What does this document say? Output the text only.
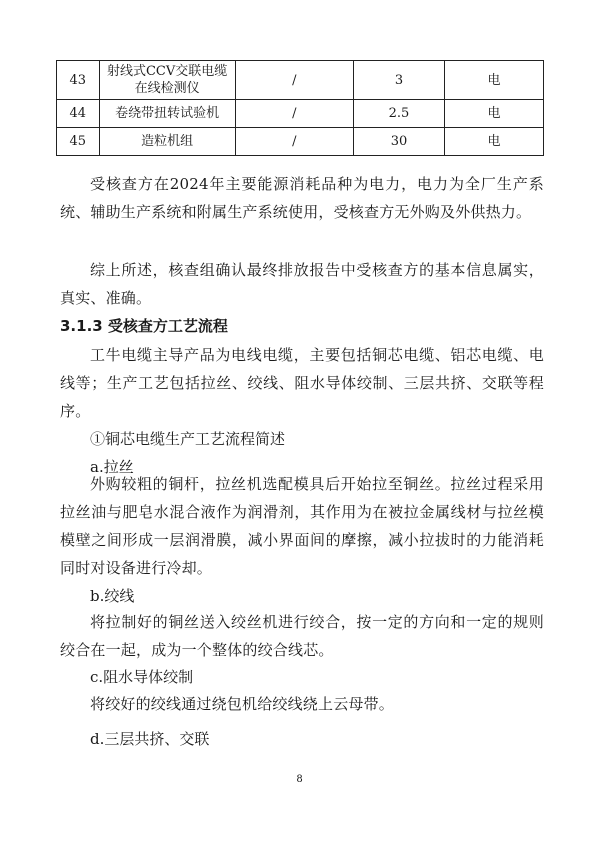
43	射线式CCV交联电缆在线检测仪	/	3	电
44	卷绕带扭转试验机	/	2.5	电
45	造粒机组	/	30	电
受核查方在2024年主要能源消耗品种为电力，电力为全厂生产系统、辅助生产系统和附属生产系统使用，受核查方无外购及外供热力。
综上所述，核查组确认最终排放报告中受核查方的基本信息属实，真实、准确。
3.1.3 受核查方工艺流程
工牛电缆主导产品为电线电缆，主要包括铜芯电缆、铝芯电缆、电线等；生产工艺包括拉丝、绞线、阻水导体绞制、三层共挤、交联等程序。
①铜芯电缆生产工艺流程简述
a.拉丝
外购较粗的铜杆，拉丝机选配模具后开始拉至铜丝。拉丝过程采用拉丝油与肥皂水混合液作为润滑剂，其作用为在被拉金属线材与拉丝模模壁之间形成一层润滑膜，减小界面间的摩擦，减小拉拔时的力能消耗同时对设备进行冷却。
b.绞线
将拉制好的铜丝送入绞丝机进行绞合，按一定的方向和一定的规则绞合在一起，成为一个整体的绞合线芯。
c.阻水导体绞制
将绞好的绞线通过绕包机给绞线绕上云母带。
d.三层共挤、交联
8
